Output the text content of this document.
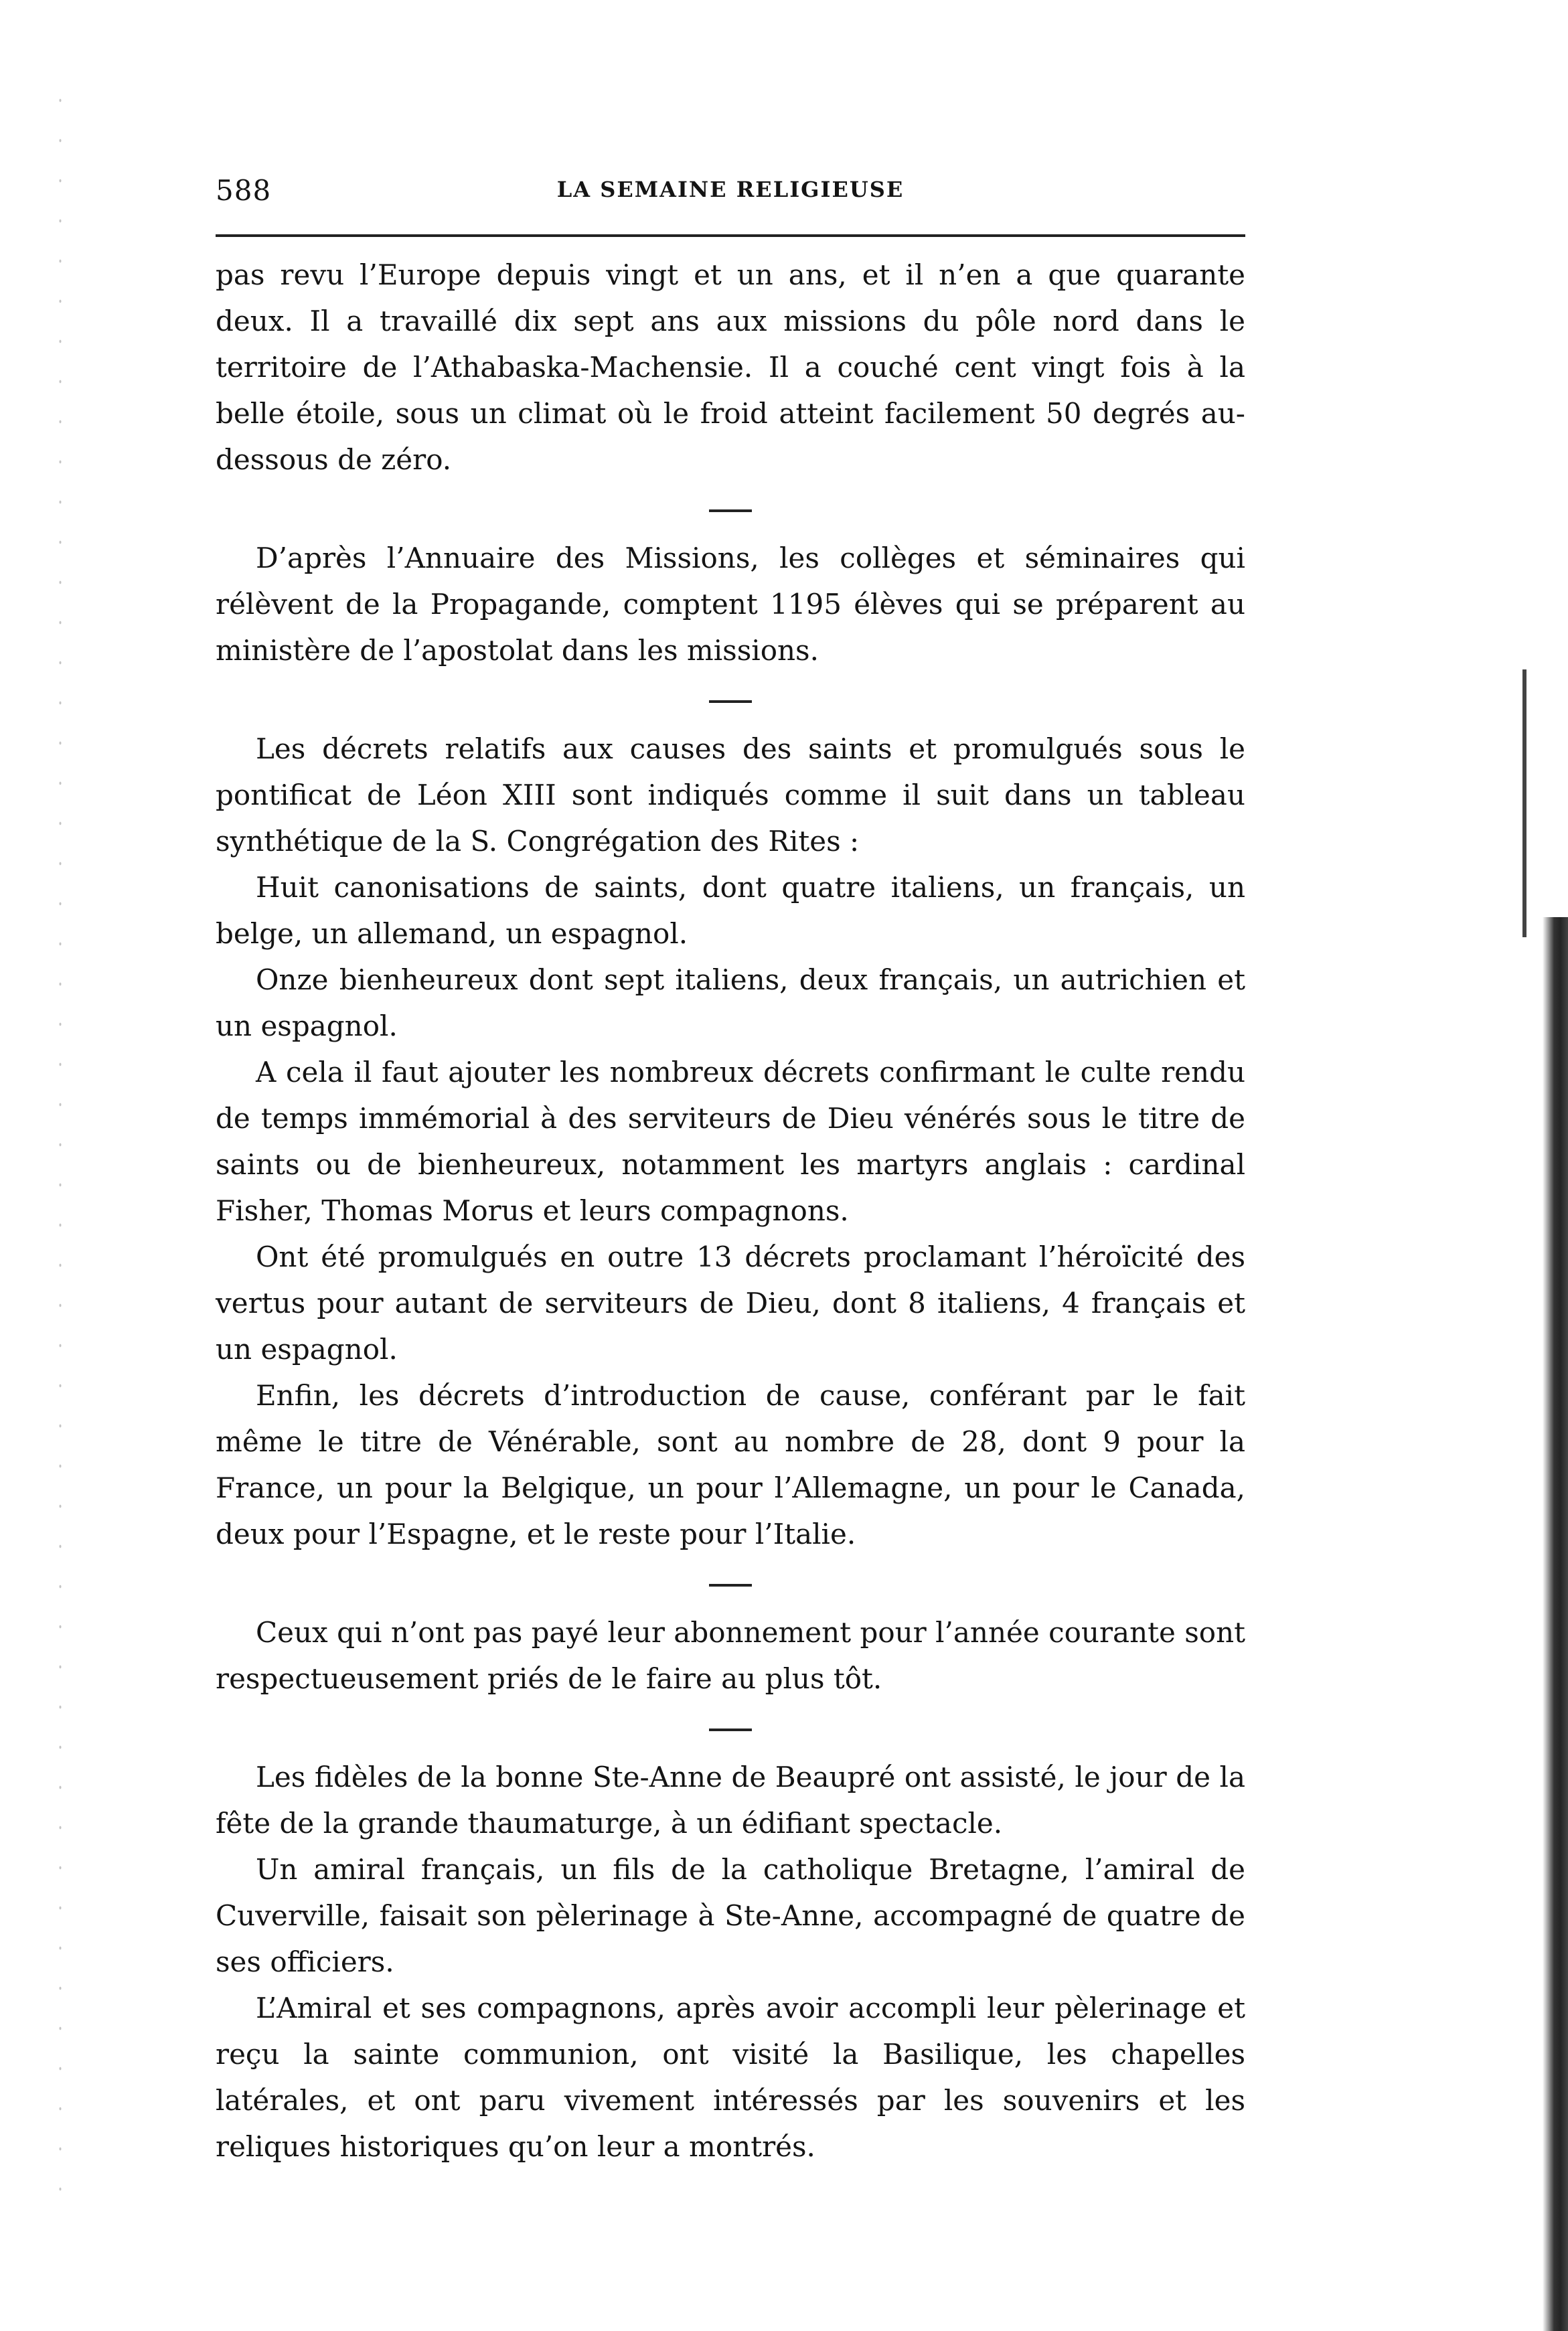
588	LA SEMAINE RELIGIEUSE

pas revu l’Europe depuis vingt et un ans, et il n’en a que quarante deux. Il a travaillé dix sept ans aux missions du pôle nord dans le territoire de l’Athabaska-Machensie. Il a couché cent vingt fois à la belle étoile, sous un climat où le froid atteint facilement 50 degrés au-dessous de zéro.

D’après l’Annuaire des Missions, les collèges et séminaires qui rélèvent de la Propagande, comptent 1195 élèves qui se préparent au ministère de l’apostolat dans les missions.

Les décrets relatifs aux causes des saints et promulgués sous le pontificat de Léon XIII sont indiqués comme il suit dans un tableau synthétique de la S. Congrégation des Rites :

Huit canonisations de saints, dont quatre italiens, un français, un belge, un allemand, un espagnol.

Onze bienheureux dont sept italiens, deux français, un autrichien et un espagnol.

A cela il faut ajouter les nombreux décrets confirmant le culte rendu de temps immémorial à des serviteurs de Dieu vénérés sous le titre de saints ou de bienheureux, notamment les martyrs anglais : cardinal Fisher, Thomas Morus et leurs compagnons.

Ont été promulgués en outre 13 décrets proclamant l’héroïcité des vertus pour autant de serviteurs de Dieu, dont 8 italiens, 4 français et un espagnol.

Enfin, les décrets d’introduction de cause, conférant par le fait même le titre de Vénérable, sont au nombre de 28, dont 9 pour la France, un pour la Belgique, un pour l’Allemagne, un pour le Canada, deux pour l’Espagne, et le reste pour l’Italie.

Ceux qui n’ont pas payé leur abonnement pour l’année courante sont respectueusement priés de le faire au plus tôt.

Les fidèles de la bonne Ste-Anne de Beaupré ont assisté, le jour de la fête de la grande thaumaturge, à un édifiant spectacle.

Un amiral français, un fils de la catholique Bretagne, l’amiral de Cuverville, faisait son pèlerinage à Ste-Anne, accompagné de quatre de ses officiers.

L’Amiral et ses compagnons, après avoir accompli leur pèlerinage et reçu la sainte communion, ont visité la Basilique, les chapelles latérales, et ont paru vivement intéressés par les souvenirs et les reliques historiques qu’on leur a montrés.
